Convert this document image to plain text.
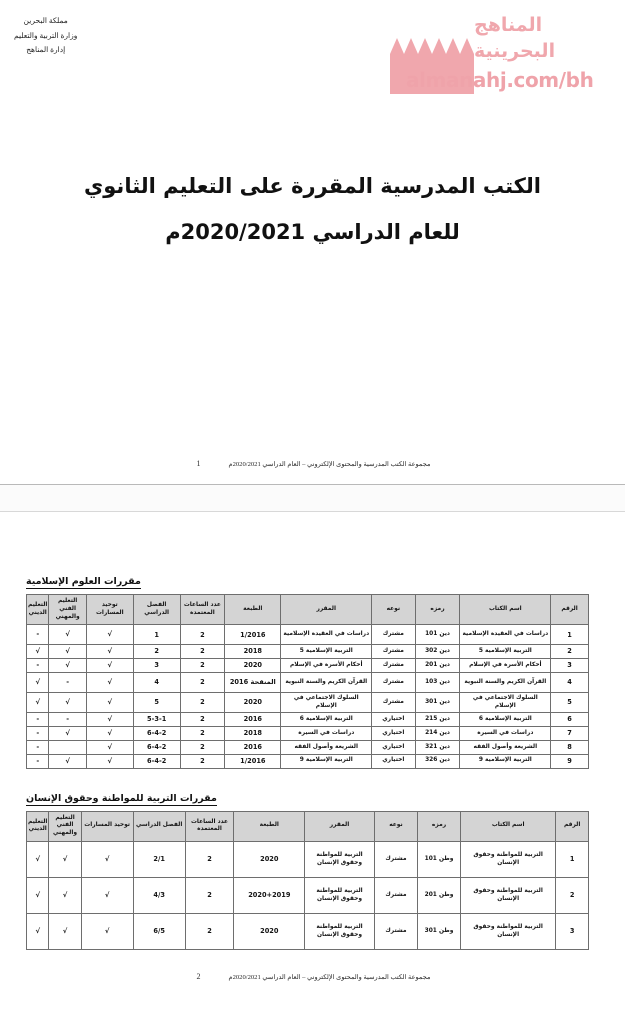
المناهج
البحرينية
almanahj.com/bh
مملكة البحرين
وزارة التربية والتعليم
إدارة المناهج
الكتب المدرسية المقررة على التعليم الثانوي
للعام الدراسي 2020/2021م
1	مجموعة الكتب المدرسية والمحتوى الإلكتروني – العام الدراسي 2020/2021م
مقررات العلوم الإسلامية
الرقم	اسم الكتاب	رمزه	نوعه	المقرر	الطبعة	عدد الساعات المعتمدة	الفصل الدراسي	توحيد المسارات	التعليم الفني والمهني	التعليم الديني
1	دراسات في العقيدة الإسلامية	دين 101	مشترك	دراسات في العقيدة الإسلامية	1/2016	2	1	√	√	-
2	التربية الإسلامية 5	دين 302	مشترك	التربية الإسلامية 5	2018	2	2	√	√	√
3	أحكام الأسرة في الإسلام	دين 201	مشترك	أحكام الأسرة في الإسلام	2020	2	3	√	√	-
4	القرآن الكريم والسنة النبوية	دين 103	مشترك	القرآن الكريم والسنة النبوية	المنقحة 2016	2	4	√	-	√
5	السلوك الاجتماعي في الإسلام	دين 301	مشترك	السلوك الاجتماعي في الإسلام	2020	2	5	√	√	√
6	التربية الإسلامية 6	دين 215	اختياري	التربية الإسلامية 6	2016	2	5-3-1	√	-	-
7	دراسات في السيرة	دين 214	اختياري	دراسات في السيرة	2018	2	6-4-2	√	√	-
8	الشريعة وأصول الفقه	دين 321	اختياري	الشريعة وأصول الفقه	2016	2	6-4-2	√		-
9	التربية الإسلامية 9	دين 326	اختياري	التربية الإسلامية 9	1/2016	2	6-4-2	√	√	-
مقررات التربية للمواطنة وحقوق الإنسان
الرقم	اسم الكتاب	رمزه	نوعه	المقرر	الطبعة	عدد الساعات المعتمدة	الفصل الدراسي	توحيد المسارات	التعليم الفني والمهني	التعليم الديني
1	التربية للمواطنة وحقوق الإنسان	وطن 101	مشترك	التربية للمواطنة وحقوق الإنسان	2020	2	2/1	√	√	√
2	التربية للمواطنة وحقوق الإنسان	وطن 201	مشترك	التربية للمواطنة وحقوق الإنسان	2020+2019	2	4/3	√	√	√
3	التربية للمواطنة وحقوق الإنسان	وطن 301	مشترك	التربية للمواطنة وحقوق الإنسان	2020	2	6/5	√	√	√
2	مجموعة الكتب المدرسية والمحتوى الإلكتروني – العام الدراسي 2020/2021م
